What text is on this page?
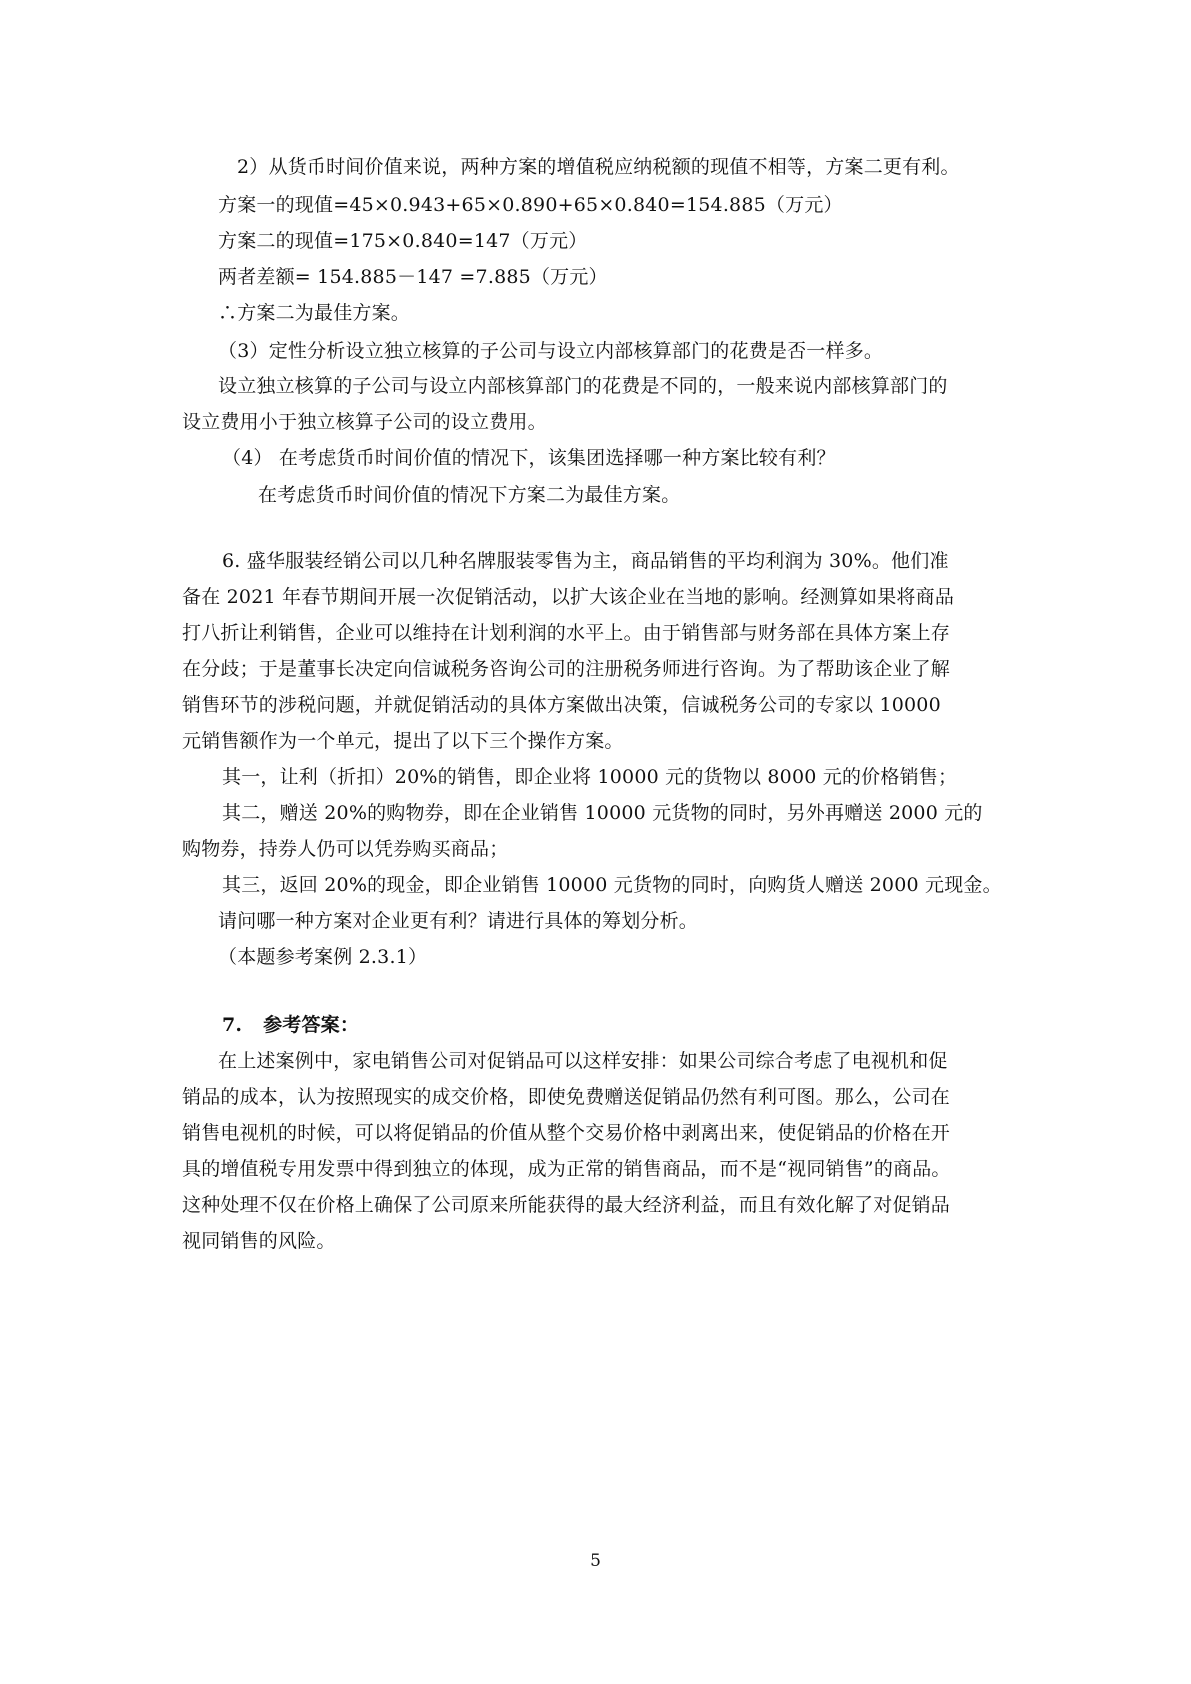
2）从货币时间价值来说，两种方案的增值税应纳税额的现值不相等，方案二更有利。
方案一的现值=45×0.943+65×0.890+65×0.840=154.885（万元）
方案二的现值=175×0.840=147（万元）
两者差额= 154.885－147 =7.885（万元）
∴方案二为最佳方案。
（3）定性分析设立独立核算的子公司与设立内部核算部门的花费是否一样多。
设立独立核算的子公司与设立内部核算部门的花费是不同的，一般来说内部核算部门的
设立费用小于独立核算子公司的设立费用。
（4） 在考虑货币时间价值的情况下，该集团选择哪一种方案比较有利？
在考虑货币时间价值的情况下方案二为最佳方案。
6. 盛华服装经销公司以几种名牌服装零售为主，商品销售的平均利润为 30%。他们准
备在 2021 年春节期间开展一次促销活动，以扩大该企业在当地的影响。经测算如果将商品
打八折让利销售，企业可以维持在计划利润的水平上。由于销售部与财务部在具体方案上存
在分歧；于是董事长决定向信诚税务咨询公司的注册税务师进行咨询。为了帮助该企业了解
销售环节的涉税问题，并就促销活动的具体方案做出决策，信诚税务公司的专家以 10000
元销售额作为一个单元，提出了以下三个操作方案。
其一，让利（折扣）20%的销售，即企业将 10000 元的货物以 8000 元的价格销售；
其二，赠送 20%的购物券，即在企业销售 10000 元货物的同时，另外再赠送 2000 元的
购物券，持券人仍可以凭券购买商品；
其三，返回 20%的现金，即企业销售 10000 元货物的同时，向购货人赠送 2000 元现金。
请问哪一种方案对企业更有利？请进行具体的筹划分析。
（本题参考案例 2.3.1）
7. 参考答案：
在上述案例中，家电销售公司对促销品可以这样安排：如果公司综合考虑了电视机和促
销品的成本，认为按照现实的成交价格，即使免费赠送促销品仍然有利可图。那么，公司在
销售电视机的时候，可以将促销品的价值从整个交易价格中剥离出来，使促销品的价格在开
具的增值税专用发票中得到独立的体现，成为正常的销售商品，而不是“视同销售”的商品。
这种处理不仅在价格上确保了公司原来所能获得的最大经济利益，而且有效化解了对促销品
视同销售的风险。
5
